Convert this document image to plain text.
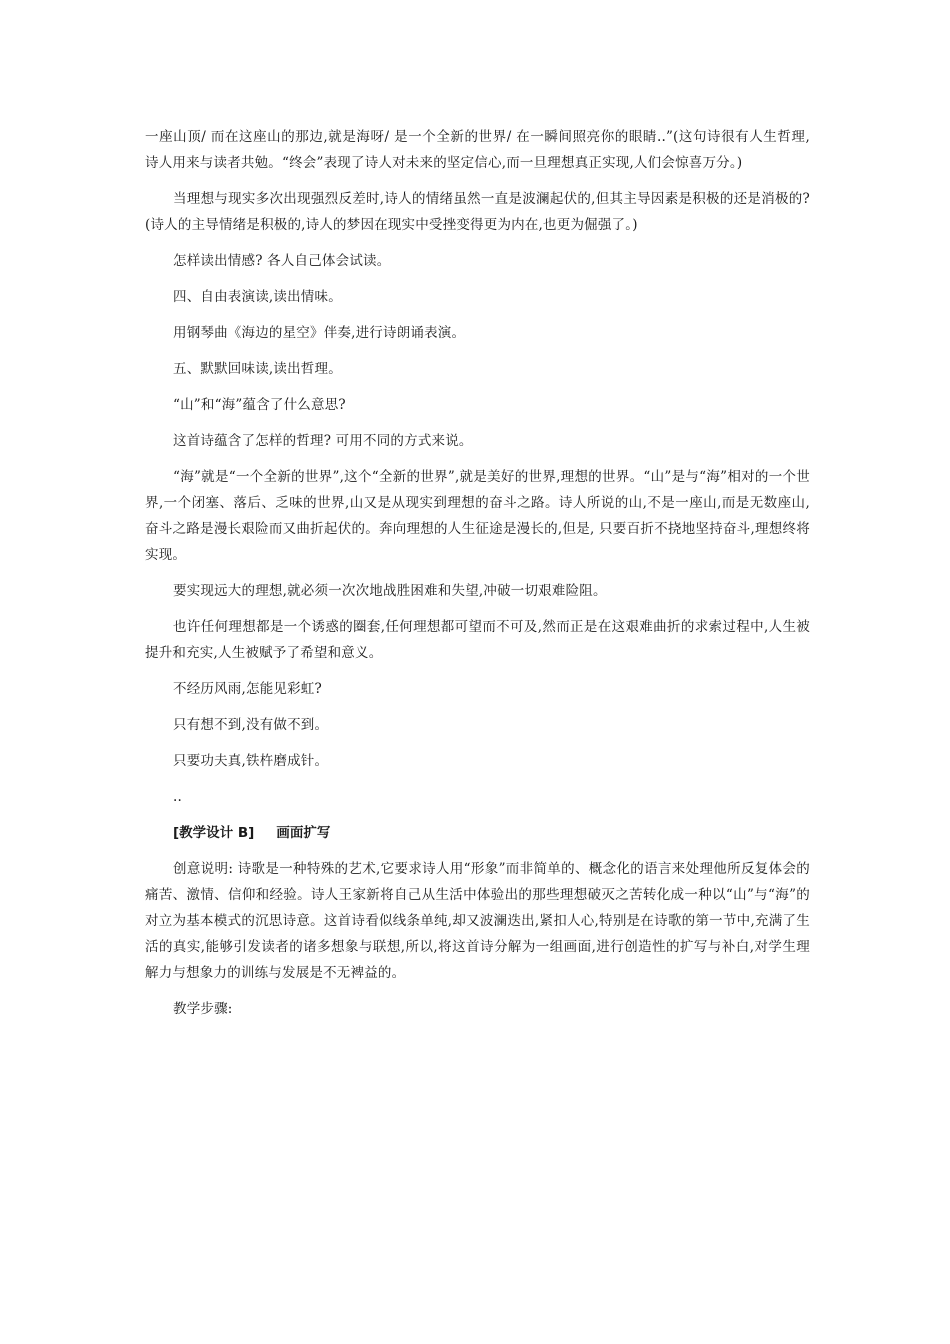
一座山顶/ 而在这座山的那边,就是海呀/ 是一个全新的世界/ 在一瞬间照亮你的眼睛..”(这句诗很有人生哲理, 诗人用来与读者共勉。“终会”表现了诗人对未来的坚定信心,而一旦理想真正实现,人们会惊喜万分。)

当理想与现实多次出现强烈反差时,诗人的情绪虽然一直是波澜起伏的,但其主导因素是积极的还是消极的? (诗人的主导情绪是积极的,诗人的梦因在现实中受挫变得更为内在,也更为倔强了。)

怎样读出情感? 各人自己体会试读。

四、自由表演读,读出情味。

用钢琴曲《海边的星空》伴奏,进行诗朗诵表演。

五、默默回味读,读出哲理。

“山”和“海”蕴含了什么意思?

这首诗蕴含了怎样的哲理? 可用不同的方式来说。

“海”就是“一个全新的世界”,这个“全新的世界”,就是美好的世界,理想的世界。“山”是与“海”相对的一个世界,一个闭塞、落后、乏味的世界,山又是从现实到理想的奋斗之路。诗人所说的山,不是一座山,而是无数座山,奋斗之路是漫长艰险而又曲折起伏的。奔向理想的人生征途是漫长的,但是, 只要百折不挠地坚持奋斗,理想终将实现。

要实现远大的理想,就必须一次次地战胜困难和失望,冲破一切艰难险阻。

也许任何理想都是一个诱惑的圈套,任何理想都可望而不可及,然而正是在这艰难曲折的求索过程中,人生被提升和充实,人生被赋予了希望和意义。

不经历风雨,怎能见彩虹?

只有想不到,没有做不到。

只要功夫真,铁杵磨成针。

..

[教学设计 B] 画面扩写

创意说明: 诗歌是一种特殊的艺术,它要求诗人用“形象”而非简单的、概念化的语言来处理他所反复体会的痛苦、激情、信仰和经验。诗人王家新将自己从生活中体验出的那些理想破灭之苦转化成一种以“山”与“海”的对立为基本模式的沉思诗意。这首诗看似线条单纯,却又波澜迭出,紧扣人心,特别是在诗歌的第一节中,充满了生活的真实,能够引发读者的诸多想象与联想,所以,将这首诗分解为一组画面,进行创造性的扩写与补白,对学生理解力与想象力的训练与发展是不无裨益的。

教学步骤:
